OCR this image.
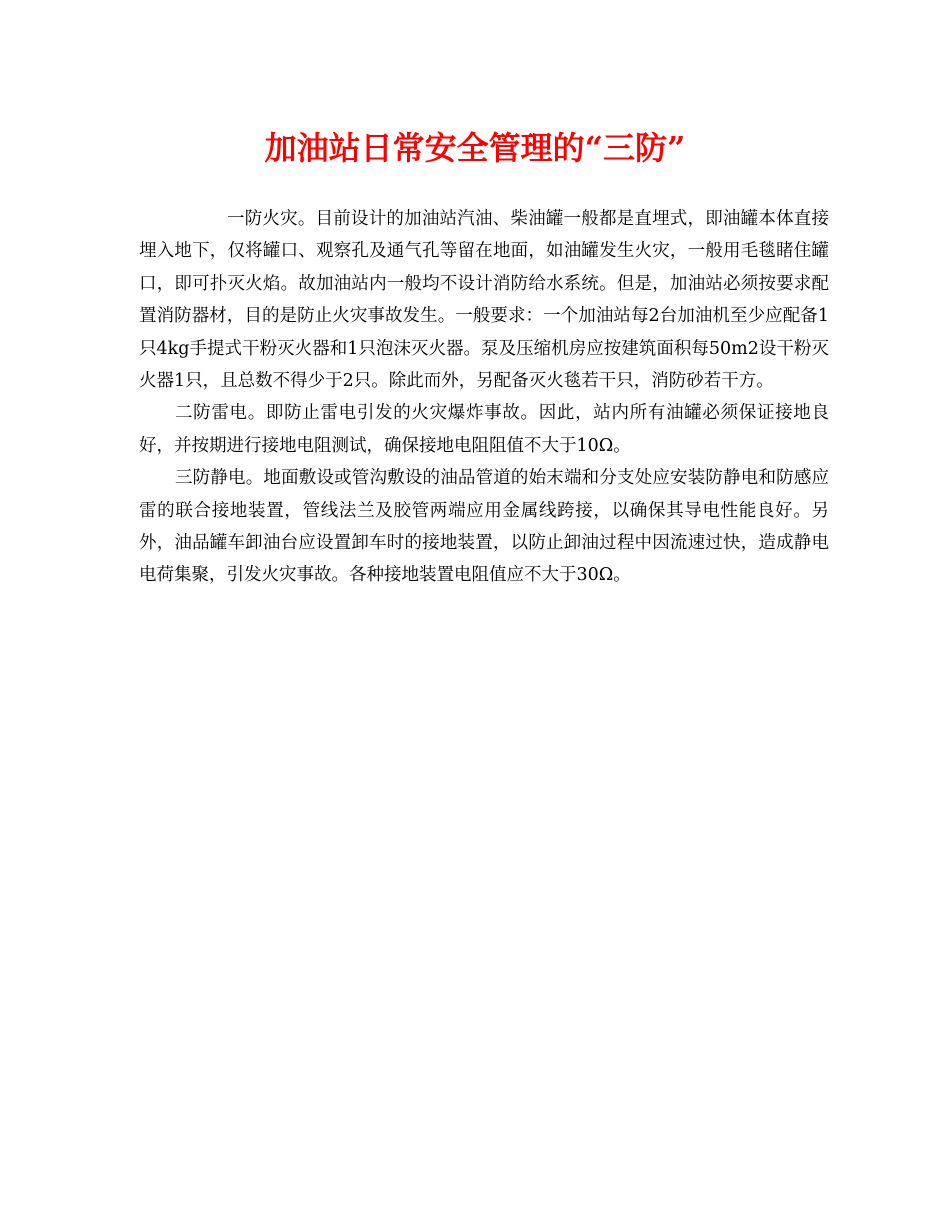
加油站日常安全管理的“三防”

一防火灾。目前设计的加油站汽油、柴油罐一般都是直埋式，即油罐本体直接埋入地下，仅将罐口、观察孔及通气孔等留在地面，如油罐发生火灾，一般用毛毯睹住罐口，即可扑灭火焰。故加油站内一般均不设计消防给水系统。但是，加油站必须按要求配置消防器材，目的是防止火灾事故发生。一般要求：一个加油站每2台加油机至少应配备1只4kg手提式干粉灭火器和1只泡沫灭火器。泵及压缩机房应按建筑面积每50m2设干粉灭火器1只，且总数不得少于2只。除此而外，另配备灭火毯若干只，消防砂若干方。

二防雷电。即防止雷电引发的火灾爆炸事故。因此，站内所有油罐必须保证接地良好，并按期进行接地电阻测试，确保接地电阻阻值不大于10Ω。

三防静电。地面敷设或管沟敷设的油品管道的始末端和分支处应安装防静电和防感应雷的联合接地装置，管线法兰及胶管两端应用金属线跨接，以确保其导电性能良好。另外，油品罐车卸油台应设置卸车时的接地装置，以防止卸油过程中因流速过快，造成静电电荷集聚，引发火灾事故。各种接地装置电阻值应不大于30Ω。
